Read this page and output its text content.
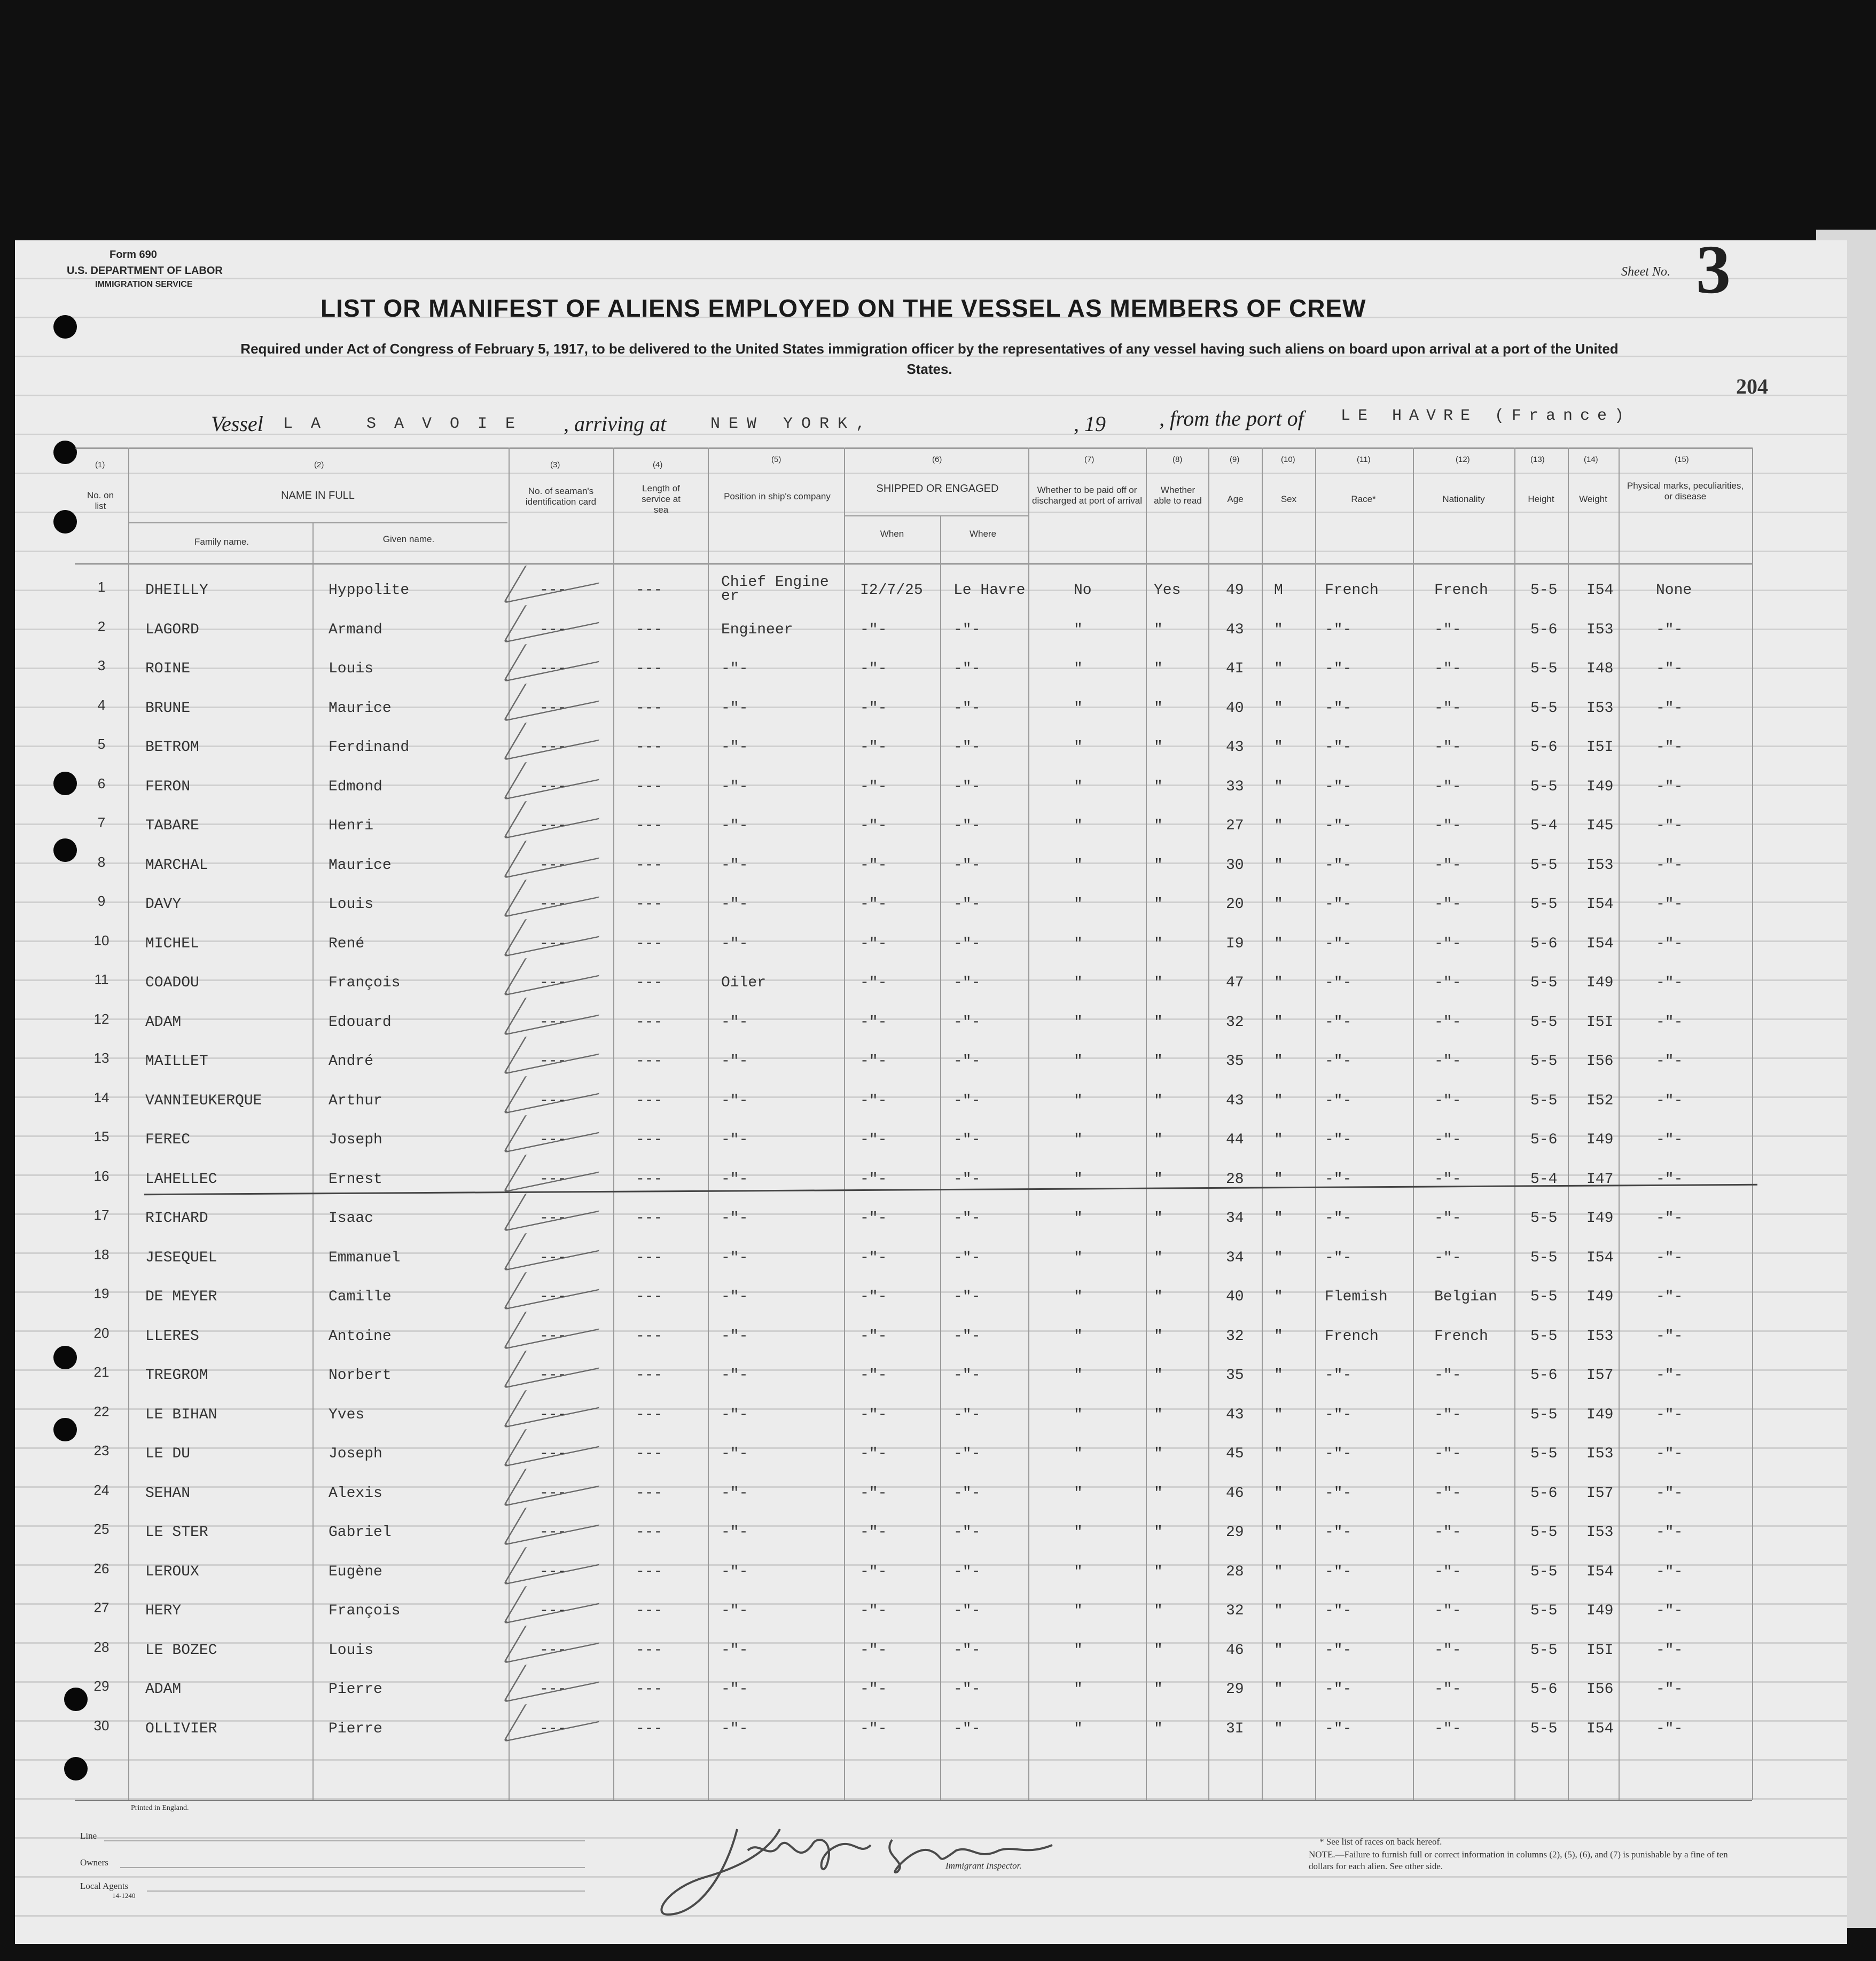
Form 690
U.S. DEPARTMENT OF LABOR
IMMIGRATION SERVICE
LIST OR MANIFEST OF ALIENS EMPLOYED ON THE VESSEL AS MEMBERS OF CREW
Required under Act of Congress of February 5, 1917, to be delivered to the United States immigration officer by the representatives of any vessel having such aliens on board upon arrival at a port of the United States.
Sheet No. 3
204
Vessel LA SAVOIE , arriving at	NEW YORK,	, 19	, from the port of LE HAVRE (France)
(1)	(2)	(3)	(4)
(5)	(6)	(7)	(8)	(9)	(10)	(11)	(12)	(13)	(14)	(15)
No. on list
NAME IN FULL
Family name.	Given name.
No. of seaman's identification card
Length of service at sea
Position in ship's company
SHIPPED OR ENGAGED
When	Where
Whether to be paid off or discharged at port of arrival
Whether able to read	Age	Sex	Race*	Nationality	Height	Weight
Physical marks, peculiarities, or disease
1	DHEILLY	Hyppolite	---	---	Chief Engine er	I2/7/25 Le Havre	No	Yes	49 M	French	French	5-5 I54	None
2	LAGORD	Armand	---	---	Engineer	-"-	-"-	"	"	43 "	-"-	-"-	5-6 I53	-"-
3	ROINE	Louis	---	---	-"-	-"-	-"-	"	"	4I "	-"-	-"-	5-5 I48	-"-
4	BRUNE	Maurice	---	---	-"-	-"-	-"-	"	"	40 "	-"-	-"-	5-5 I53	-"-
5	BETROM	Ferdinand	---	---	-"-	-"-	-"-	"	"	43 "	-"-	-"-	5-6 I5I	-"-
6	FERON	Edmond	---	---	-"-	-"-	-"-	"	"	33 "	-"-	-"-	5-5 I49	-"-
7	TABARE	Henri	---	---	-"-	-"-	-"-	"	"	27 "	-"-	-"-	5-4 I45	-"-
8	MARCHAL	Maurice	---	---	-"-	-"-	-"-	"	"	30 "	-"-	-"-	5-5 I53	-"-
9	DAVY	Louis	---	---	-"-	-"-	-"-	"	"	20 "	-"-	-"-	5-5 I54	-"-
10	MICHEL	René	---	---	-"-	-"-	-"-	"	"	I9 "	-"-	-"-	5-6 I54	-"-
11	COADOU	François	---	---	Oiler	-"-	-"-	"	"	47 "	-"-	-"-	5-5 I49	-"-
12	ADAM	Edouard	---	---	-"-	-"-	-"-	"	"	32 "	-"-	-"-	5-5 I5I	-"-
13	MAILLET	André	---	---	-"-	-"-	-"-	"	"	35 "	-"-	-"-	5-5 I56	-"-
14	VANNIEUKERQUE	Arthur	---	---	-"-	-"-	-"-	"	"	43 "	-"-	-"-	5-5 I52	-"-
15	FEREC	Joseph	---	---	-"-	-"-	-"-	"	"	44 "	-"-	-"-	5-6 I49	-"-
16	LAHELLEC	Ernest	---	---	-"-	-"-	-"-	"	"	28 "	-"-	-"-	5-4 I47	-"-
17	RICHARD	Isaac	---	---	-"-	-"-	-"-	"	"	34 "	-"-	-"-	5-5 I49	-"-
18	JESEQUEL	Emmanuel	---	---	-"-	-"-	-"-	"	"	34 "	-"-	-"-	5-5 I54	-"-
19	DE MEYER	Camille	---	---	-"-	-"-	-"-	"	"	40 "	Flemish	Belgian 5-5 I49	-"-
20	LLERES	Antoine	---	---	-"-	-"-	-"-	"	"	32 "	French	French	5-5 I53	-"-
21	TREGROM	Norbert	---	---	-"-	-"-	-"-	"	"	35 "	-"-	-"-	5-6 I57	-"-
22	LE BIHAN	Yves	---	---	-"-	-"-	-"-	"	"	43 "	-"-	-"-	5-5 I49	-"-
23	LE DU	Joseph	---	---	-"-	-"-	-"-	"	"	45 "	-"-	-"-	5-5 I53	-"-
24	SEHAN	Alexis	---	---	-"-	-"-	-"-	"	"	46 "	-"-	-"-	5-6 I57	-"-
25	LE STER	Gabriel	---	---	-"-	-"-	-"-	"	"	29 "	-"-	-"-	5-5 I53	-"-
26	LEROUX	Eugène	---	---	-"-	-"-	-"-	"	"	28 "	-"-	-"-	5-5 I54	-"-
27	HERY	François	---	---	-"-	-"-	-"-	"	"	32 "	-"-	-"-	5-5 I49	-"-
28	LE BOZEC	Louis	---	---	-"-	-"-	-"-	"	"	46 "	-"-	-"-	5-5 I5I	-"-
29	ADAM	Pierre	---	---	-"-	-"-	-"-	"	"	29 "	-"-	-"-	5-6 I56	-"-
30	OLLIVIER	Pierre	---	---	-"-	-"-	-"-	"	"	3I "	-"-	-"-	5-5 I54	-"-
Printed in England.
Line
Owners
Local Agents
14-1240
Immigrant Inspector.
* See list of races on back hereof.
NOTE.—Failure to furnish full or correct information in columns (2), (5), (6), and (7) is punishable by a fine of ten dollars for each alien. See other side.
